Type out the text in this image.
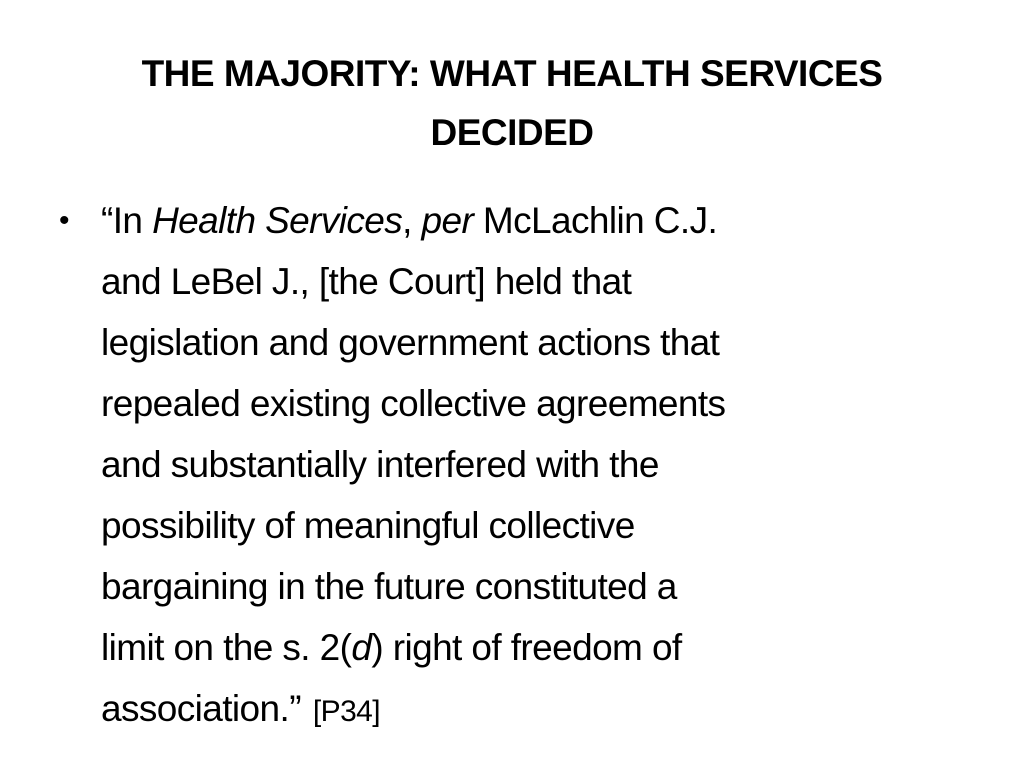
THE MAJORITY: WHAT HEALTH SERVICES
DECIDED
• “In Health Services, per McLachlin C.J.
and LeBel J., [the Court] held that
legislation and government actions that
repealed existing collective agreements
and substantially interfered with the
possibility of meaningful collective
bargaining in the future constituted a
limit on the s. 2(d) right of freedom of
association.” [P34]
